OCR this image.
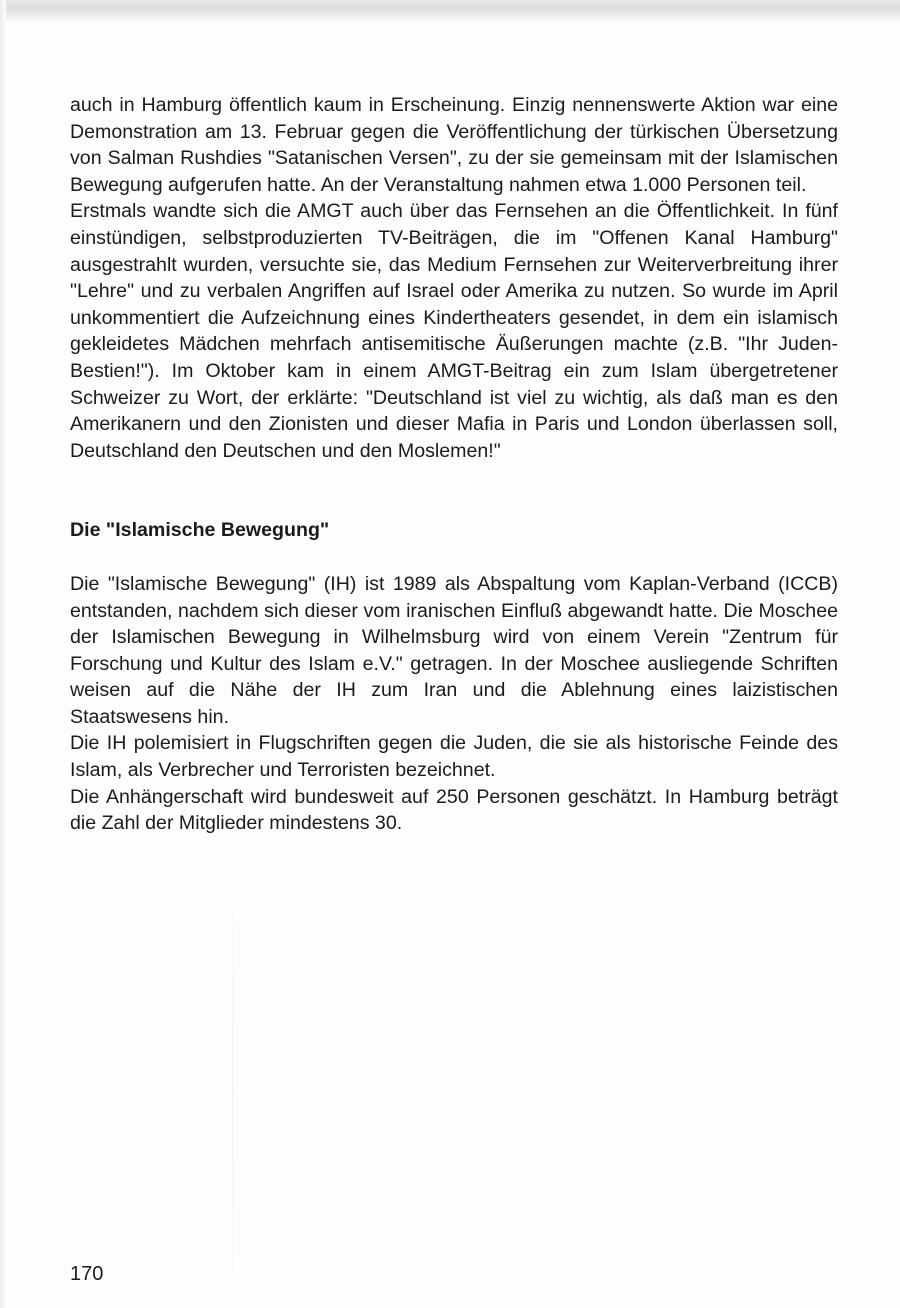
auch in Hamburg öffentlich kaum in Erscheinung. Einzig nennenswerte Aktion war eine Demonstration am 13. Februar gegen die Veröffentlichung der türkischen Übersetzung von Salman Rushdies "Satanischen Versen", zu der sie gemeinsam mit der Islamischen Bewegung aufgerufen hatte. An der Veranstaltung nahmen etwa 1.000 Personen teil.

Erstmals wandte sich die AMGT auch über das Fernsehen an die Öffentlichkeit. In fünf einstündigen, selbstproduzierten TV-Beiträgen, die im "Offenen Kanal Hamburg" ausgestrahlt wurden, versuchte sie, das Medium Fernsehen zur Weiterverbreitung ihrer "Lehre" und zu verbalen Angriffen auf Israel oder Amerika zu nutzen. So wurde im April unkommentiert die Aufzeichnung eines Kindertheaters gesendet, in dem ein islamisch gekleidetes Mädchen mehrfach antisemitische Äußerungen machte (z.B. "Ihr Juden-Bestien!"). Im Oktober kam in einem AMGT-Beitrag ein zum Islam übergetretener Schweizer zu Wort, der erklärte: "Deutschland ist viel zu wichtig, als daß man es den Amerikanern und den Zionisten und dieser Mafia in Paris und London überlassen soll, Deutschland den Deutschen und den Moslemen!"

Die "Islamische Bewegung"

Die "Islamische Bewegung" (IH) ist 1989 als Abspaltung vom Kaplan-Verband (ICCB) entstanden, nachdem sich dieser vom iranischen Einfluß abgewandt hatte. Die Moschee der Islamischen Bewegung in Wilhelmsburg wird von einem Verein "Zentrum für Forschung und Kultur des Islam e.V." getragen. In der Moschee ausliegende Schriften weisen auf die Nähe der IH zum Iran und die Ablehnung eines laizistischen Staatswesens hin.

Die IH polemisiert in Flugschriften gegen die Juden, die sie als historische Feinde des Islam, als Verbrecher und Terroristen bezeichnet.

Die Anhängerschaft wird bundesweit auf 250 Personen geschätzt. In Hamburg beträgt die Zahl der Mitglieder mindestens 30.

170
